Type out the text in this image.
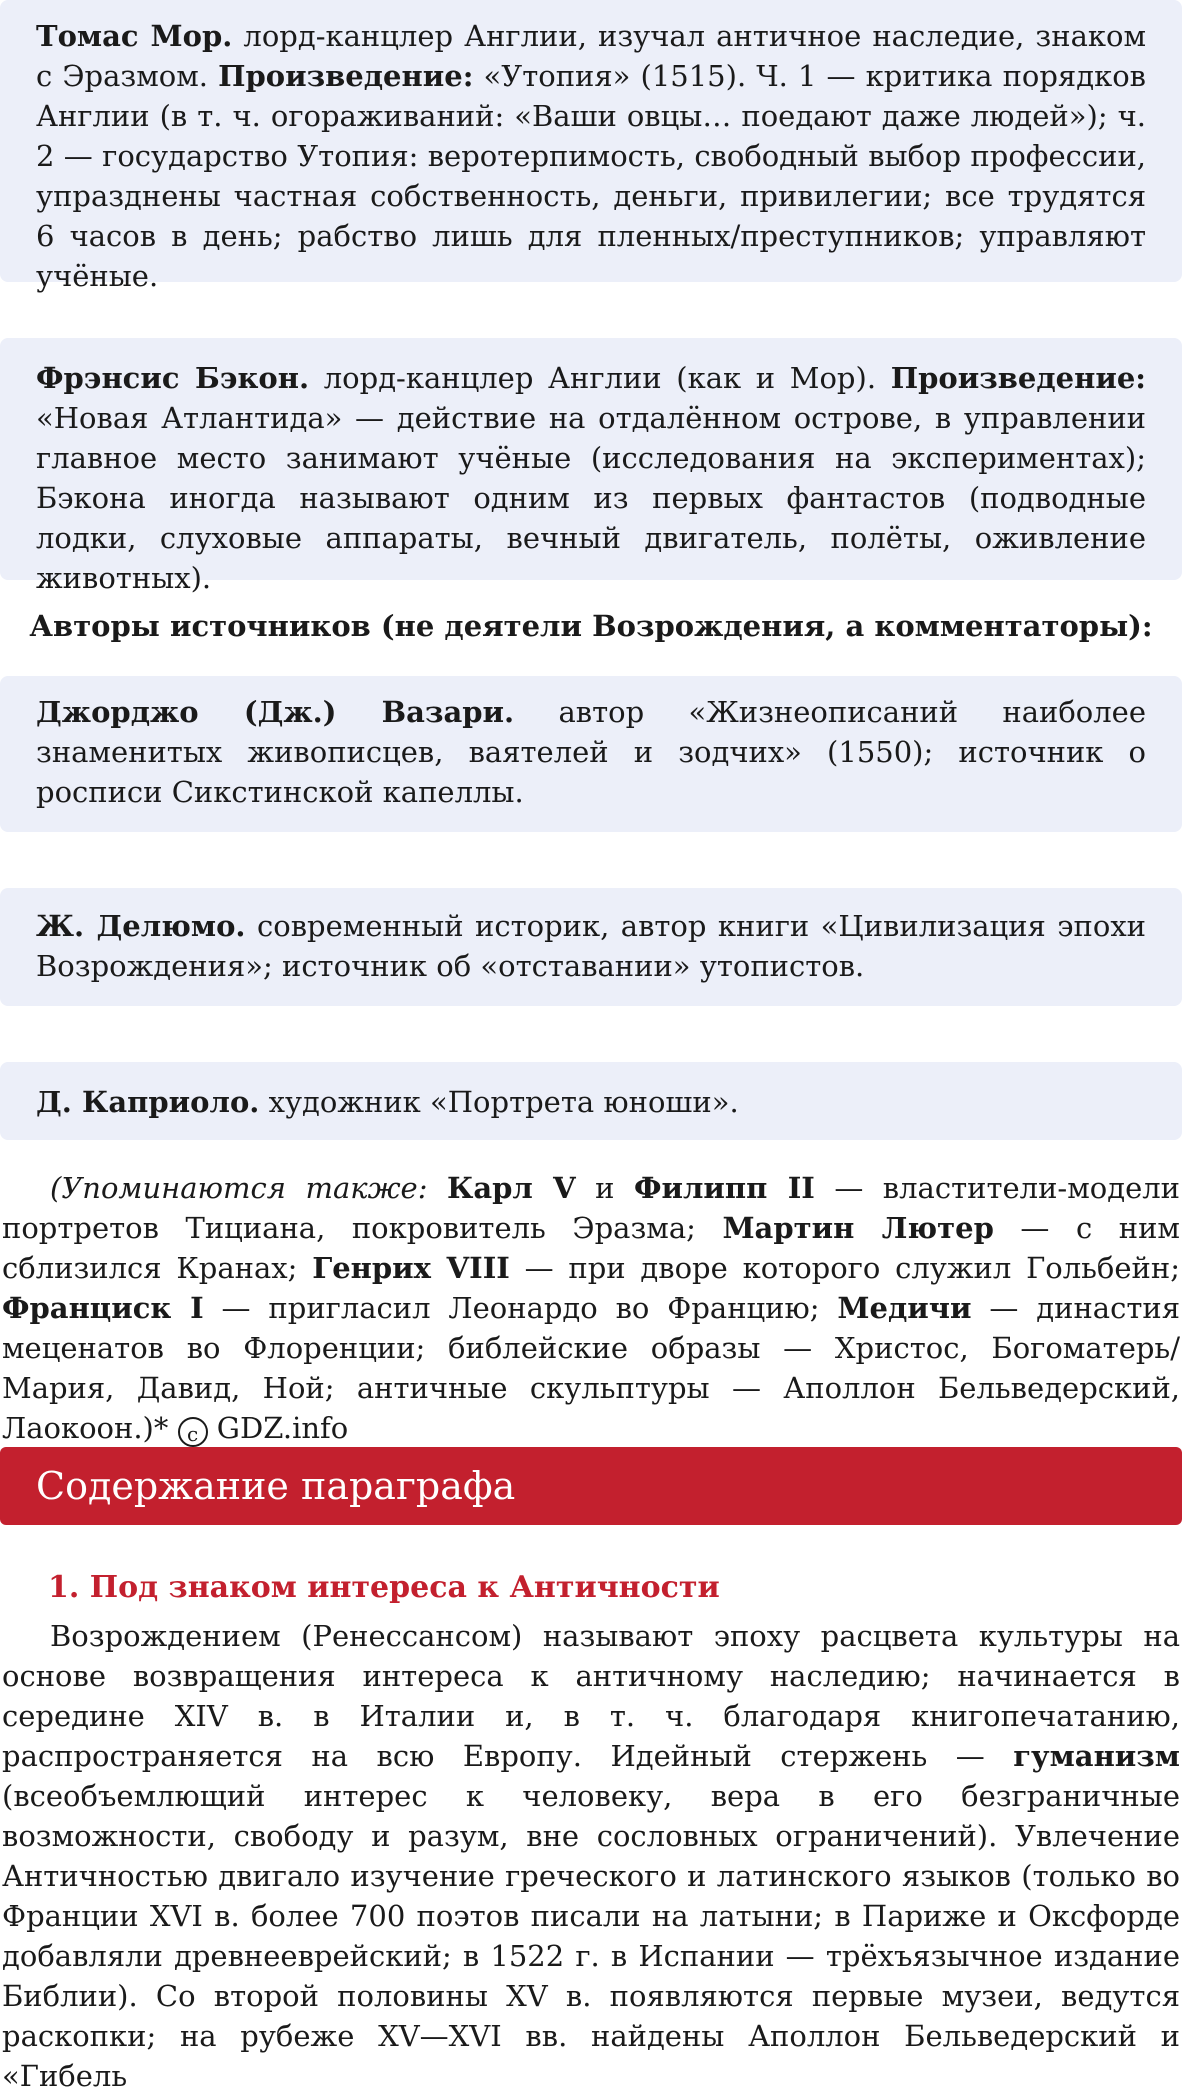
Томас Мор. лорд-канцлер Англии, изучал античное наследие, знаком с Эразмом. Произведение: «Утопия» (1515). Ч. 1 — критика порядков Англии (в т. ч. огораживаний: «Ваши овцы… поедают даже людей»); ч. 2 — государство Утопия: веротерпимость, свободный выбор профессии, упразднены частная собственность, деньги, привилегии; все трудятся 6 часов в день; рабство лишь для пленных/преступников; управляют учёные.
Фрэнсис Бэкон. лорд-канцлер Англии (как и Мор). Произведение: «Новая Атлантида» — действие на отдалённом острове, в управлении главное место занимают учёные (исследования на экспериментах); Бэкона иногда называют одним из первых фантастов (подводные лодки, слуховые аппараты, вечный двигатель, полёты, оживление животных).
Авторы источников (не деятели Возрождения, а комментаторы):
Джорджо (Дж.) Вазари. автор «Жизнеописаний наиболее знаменитых живописцев, ваятелей и зодчих» (1550); источник о росписи Сикстинской капеллы.
Ж. Делюмо. современный историк, автор книги «Цивилизация эпохи Возрождения»; источник об «отставании» утопистов.
Д. Каприоло. художник «Портрета юноши».
(Упоминаются также: Карл V и Филипп II — властители-модели портретов Тициана, покровитель Эразма; Мартин Лютер — с ним сблизился Кранах; Генрих VIII — при дворе которого служил Гольбейн; Франциск I — пригласил Леонардо во Францию; Медичи — династия меценатов во Флоренции; библейские образы — Христос, Богоматерь/Мария, Давид, Ной; античные скульптуры — Аполлон Бельведерский, Лаокоон.)* c GDZ.info
Содержание параграфа
1. Под знаком интереса к Античности
Возрождением (Ренессансом) называют эпоху расцвета культуры на основе возвращения интереса к античному наследию; начинается в середине XIV в. в Италии и, в т. ч. благодаря книгопечатанию, распространяется на всю Европу. Идейный стержень — гуманизм (всеобъемлющий интерес к человеку, вера в его безграничные возможности, свободу и разум, вне сословных ограничений). Увлечение Античностью двигало изучение греческого и латинского языков (только во Франции XVI в. более 700 поэтов писали на латыни; в Париже и Оксфорде добавляли древнееврейский; в 1522 г. в Испании — трёхъязычное издание Библии). Со второй половины XV в. появляются первые музеи, ведутся раскопки; на рубеже XV—XVI вв. найдены Аполлон Бельведерский и «Гибель
